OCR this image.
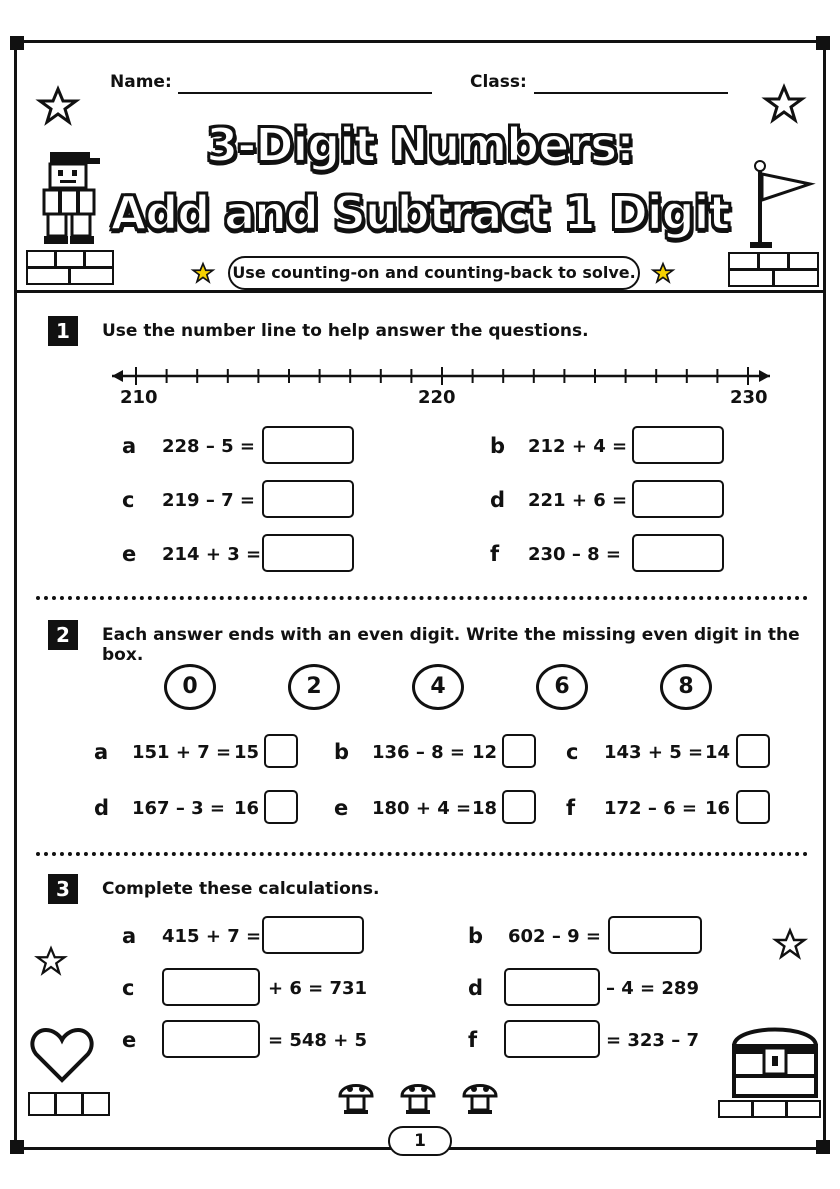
Name:	Class:
3-Digit Numbers:
Add and Subtract 1 Digit
Use counting-on and counting-back to solve.
1	Use the number line to help answer the questions.
210	220	230
a 228 – 5 =	b 212 + 4 =
c 219 – 7 =	d 221 + 6 =
e 214 + 3 =	f 230 – 8 =
2	Each answer ends with an even digit. Write the missing even digit in the box.
0	2	4	6	8
a 151 + 7 = 15	b 136 – 8 = 12	c 143 + 5 = 14
d 167 – 3 = 16	e 180 + 4 = 18	f 172 – 6 = 16
3	Complete these calculations.
a 415 + 7 =	b 602 – 9 =
c	+ 6 = 731	d	– 4 = 289
e	= 548 + 5	f	= 323 – 7
1
